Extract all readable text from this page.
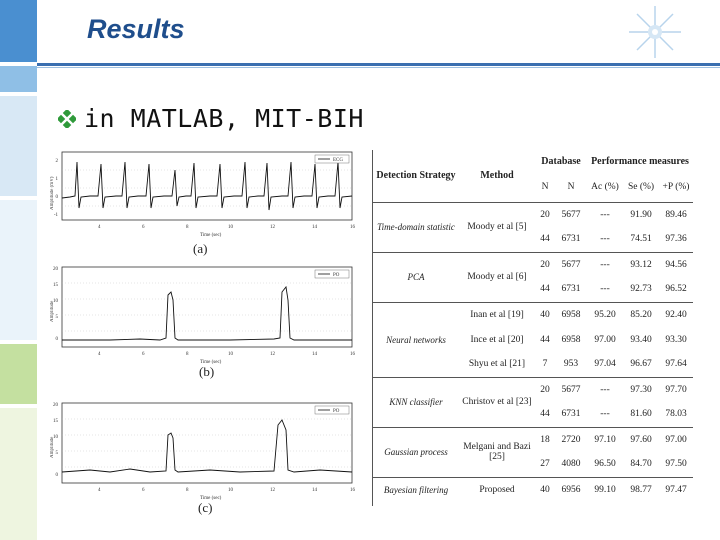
Results
in MATLAB, MIT-BIH
ECG
2
1
0
-1
4	6	8	10	12	14	16
Time (sec)
Amplitude (mV)
(a)
PO
20
15
10
5
0
4	6	8	10	12	14	16
Time (sec)
Amplitude
(b)
PO
20
15
10
5
0
4	6	8	10	12	14	16
Time (sec)
Amplitude
(c)
Detection Strategy	Method	Database		Performance measures		
		N	N	Ac (%)	Se (%)	+P (%)
Time-domain statistic	Moody et al [5]	20	5677	---	91.90	89.46
		44	6731	---	74.51	97.36
PCA	Moody et al [6]	20	5677	---	93.12	94.56
		44	6731	---	92.73	96.52
Neural networks	Inan et al [19]	40	6958	95.20	85.20	92.40
	Ince et al [20]	44	6958	97.00	93.40	93.30
	Shyu et al [21]	7	953	97.04	96.67	97.64
KNN classifier	Christov et al [23]	20	5677	---	97.30	97.70
		44	6731	---	81.60	78.03
Gaussian process	Melgani and Bazi [25]	18	2720	97.10	97.60	97.00
		27	4080	96.50	84.70	97.50
Bayesian filtering	Proposed	40	6956	99.10	98.77	97.47
